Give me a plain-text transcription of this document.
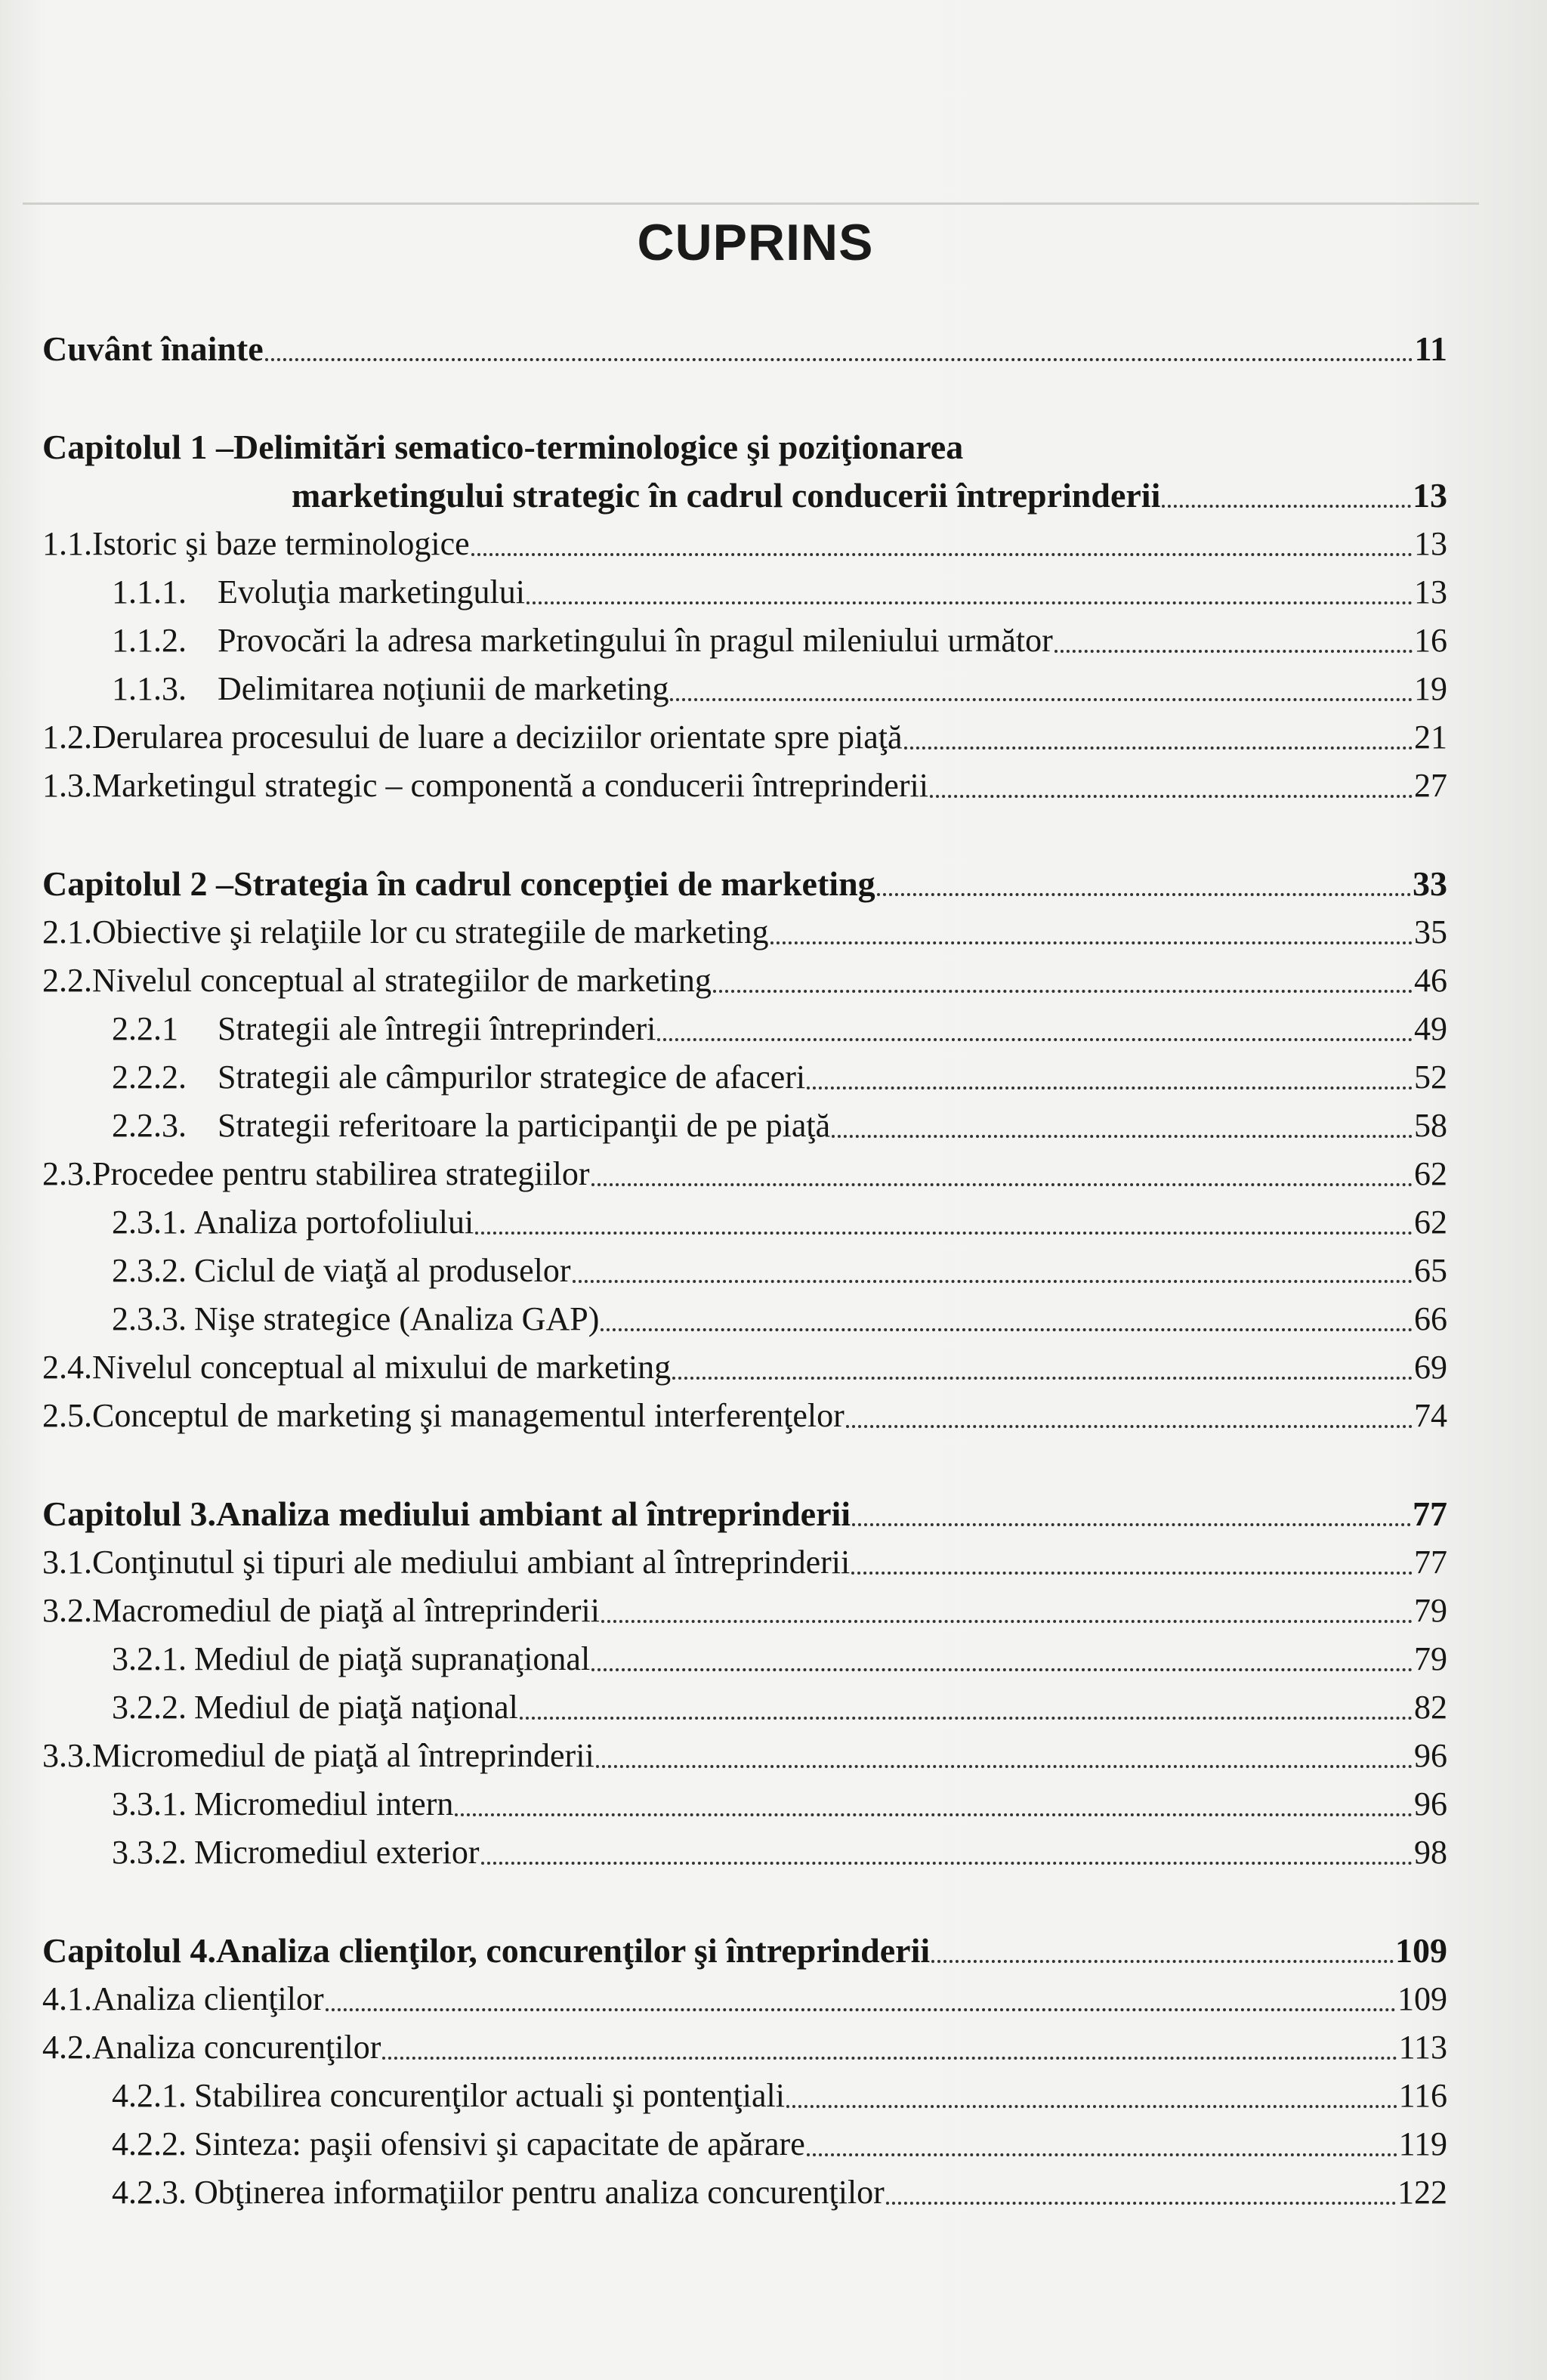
CUPRINS
Cuvânt înainte	11
Capitolul 1 – Delimitări sematico-terminologice şi poziţionarea
marketingului strategic în cadrul conducerii întreprinderii	13
1.1. Istoric şi baze terminologice	13
1.1.1. Evoluţia marketingului	13
1.1.2. Provocări la adresa marketingului în pragul mileniului următor	16
1.1.3. Delimitarea noţiunii de marketing	19
1.2. Derularea procesului de luare a deciziilor orientate spre piaţă	21
1.3. Marketingul strategic – componentă a conducerii întreprinderii	27
Capitolul 2 – Strategia în cadrul concepţiei de marketing	33
2.1. Obiective şi relaţiile lor cu strategiile de marketing	35
2.2. Nivelul conceptual al strategiilor de marketing	46
2.2.1	Strategii ale întregii întreprinderi	49
2.2.2. Strategii ale câmpurilor strategice de afaceri	52
2.2.3. Strategii referitoare la participanţii de pe piaţă	58
2.3. Procedee pentru stabilirea strategiilor	62
2.3.1. Analiza portofoliului	62
2.3.2. Ciclul de viaţă al produselor	65
2.3.3. Nişe strategice (Analiza GAP)	66
2.4. Nivelul conceptual al mixului de marketing	69
2.5. Conceptul de marketing şi managementul interferenţelor	74
Capitolul 3. Analiza mediului ambiant al întreprinderii	77
3.1. Conţinutul şi tipuri ale mediului ambiant al întreprinderii	77
3.2. Macromediul de piaţă al întreprinderii	79
3.2.1. Mediul de piaţă supranaţional	79
3.2.2. Mediul de piaţă naţional	82
3.3. Micromediul de piaţă al întreprinderii	96
3.3.1. Micromediul intern	96
3.3.2. Micromediul exterior	98
Capitolul 4. Analiza clienţilor, concurenţilor şi întreprinderii	109
4.1. Analiza clienţilor	109
4.2. Analiza concurenţilor	113
4.2.1. Stabilirea concurenţilor actuali şi pontenţiali	116
4.2.2. Sinteza: paşii ofensivi şi capacitate de apărare	119
4.2.3. Obţinerea informaţiilor pentru analiza concurenţilor	122
